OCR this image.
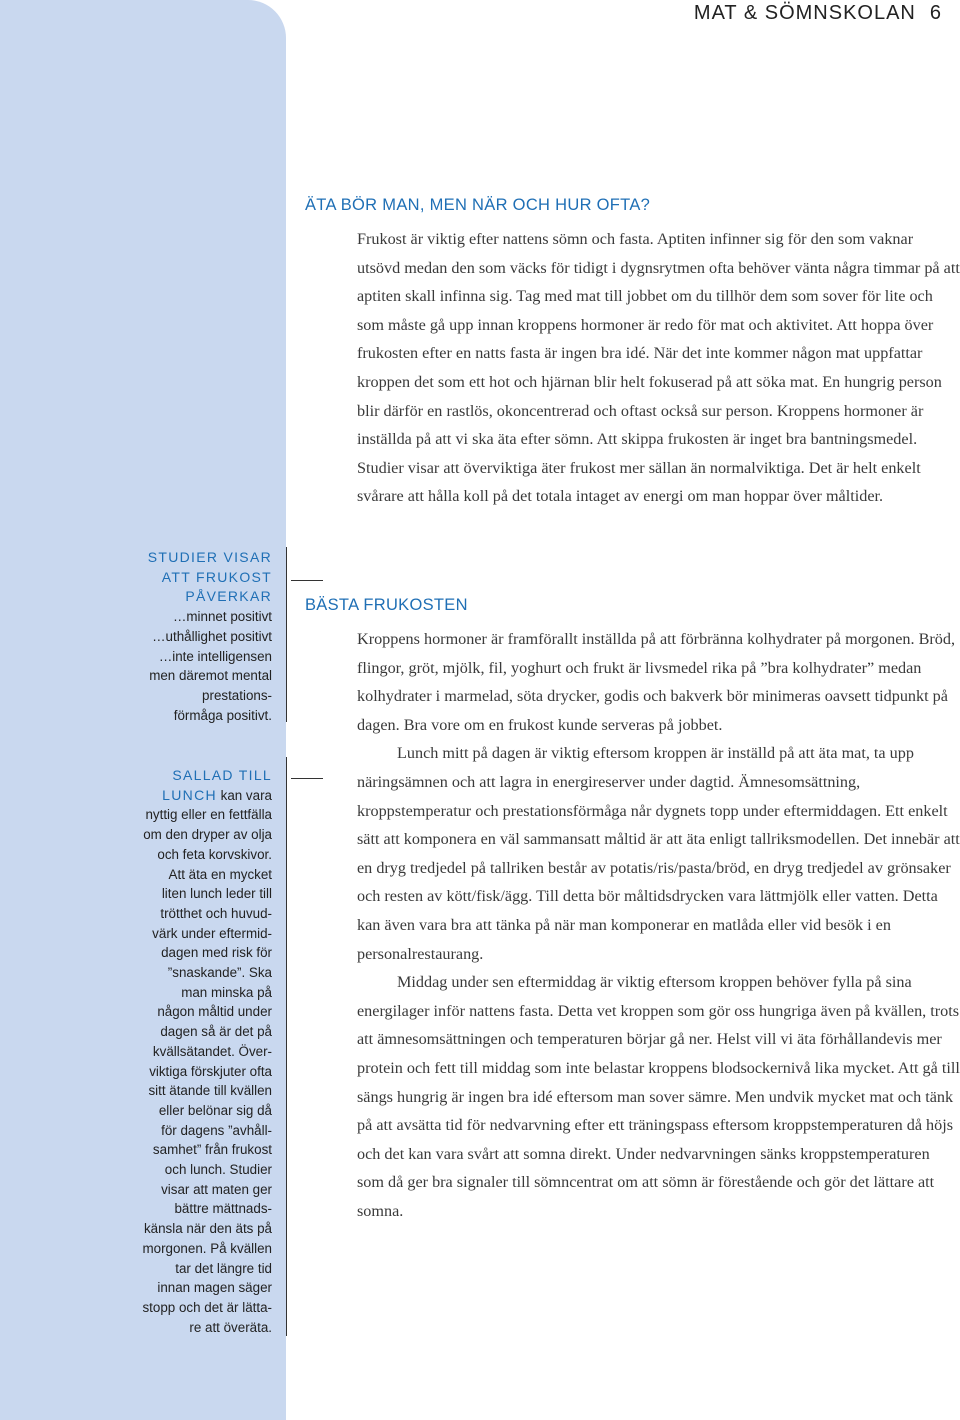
MAT & SÖMNSKOLAN 6
STUDIER VISAR
ATT FRUKOST
PÅVERKAR
…minnet positivt
…uthållighet positivt
…inte intelligensen
men däremot mental
prestations-
förmåga positivt.
SALLAD TILL
LUNCH kan vara
nyttig eller en fettfälla
om den dryper av olja
och feta korvskivor.
Att äta en mycket
liten lunch leder till
trötthet och huvud-
värk under eftermid-
dagen med risk för
”snaskande”. Ska
man minska på
någon måltid under
dagen så är det på
kvällsätandet. Över-
viktiga förskjuter ofta
sitt ätande till kvällen
eller belönar sig då
för dagens ”avhåll-
samhet” från frukost
och lunch. Studier
visar att maten ger
bättre mättnads-
känsla när den äts på
morgonen. På kvällen
tar det längre tid
innan magen säger
stopp och det är lätta-
re att överäta.
ÄTA BÖR MAN, MEN NÄR OCH HUR OFTA?

Frukost är viktig efter nattens sömn och fasta. Aptiten infinner sig för den som vaknar utsövd medan den som väcks för tidigt i dygnsrytmen ofta behöver vänta några timmar på att aptiten skall infinna sig. Tag med mat till jobbet om du tillhör dem som sover för lite och som måste gå upp innan kroppens hormoner är redo för mat och aktivitet. Att hoppa över frukosten efter en natts fasta är ingen bra idé. När det inte kommer någon mat uppfattar kroppen det som ett hot och hjärnan blir helt fokuserad på att söka mat. En hungrig person blir därför en rastlös, okoncentrerad och oftast också sur person. Kroppens hormoner är inställda på att vi ska äta efter sömn. Att skippa frukosten är inget bra bantningsmedel. Studier visar att överviktiga äter frukost mer sällan än normalviktiga. Det är helt enkelt svårare att hålla koll på det totala intaget av energi om man hoppar över måltider.

BÄSTA FRUKOSTEN

Kroppens hormoner är framförallt inställda på att förbränna kolhydrater på morgonen. Bröd, flingor, gröt, mjölk, fil, yoghurt och frukt är livsmedel rika på ”bra kolhydrater” medan kolhydrater i marmelad, söta drycker, godis och bakverk bör minimeras oavsett tidpunkt på dagen. Bra vore om en frukost kunde serveras på jobbet.

Lunch mitt på dagen är viktig eftersom kroppen är inställd på att äta mat, ta upp näringsämnen och att lagra in energireserver under dagtid. Ämnesomsättning, kroppstemperatur och prestationsförmåga når dygnets topp under eftermiddagen. Ett enkelt sätt att komponera en väl sammansatt måltid är att äta enligt tallriksmodellen. Det innebär att en dryg tredjedel på tallriken består av potatis/ris/pasta/bröd, en dryg tredjedel av grönsaker och resten av kött/fisk/ägg. Till detta bör måltidsdrycken vara lättmjölk eller vatten. Detta kan även vara bra att tänka på när man komponerar en matlåda eller vid besök i en personalrestaurang.

Middag under sen eftermiddag är viktig eftersom kroppen behöver fylla på sina energilager inför nattens fasta. Detta vet kroppen som gör oss hungriga även på kvällen, trots att ämnesomsättningen och temperaturen börjar gå ner. Helst vill vi äta förhållandevis mer protein och fett till middag som inte belastar kroppens blodsockernivå lika mycket. Att gå till sängs hungrig är ingen bra idé eftersom man sover sämre. Men undvik mycket mat och tänk på att avsätta tid för nedvarvning efter ett träningspass eftersom kroppstemperaturen då höjs och det kan vara svårt att somna direkt. Under nedvarvningen sänks kroppstemperaturen som då ger bra signaler till sömncentrat om att sömn är förestående och gör det lättare att somna.
